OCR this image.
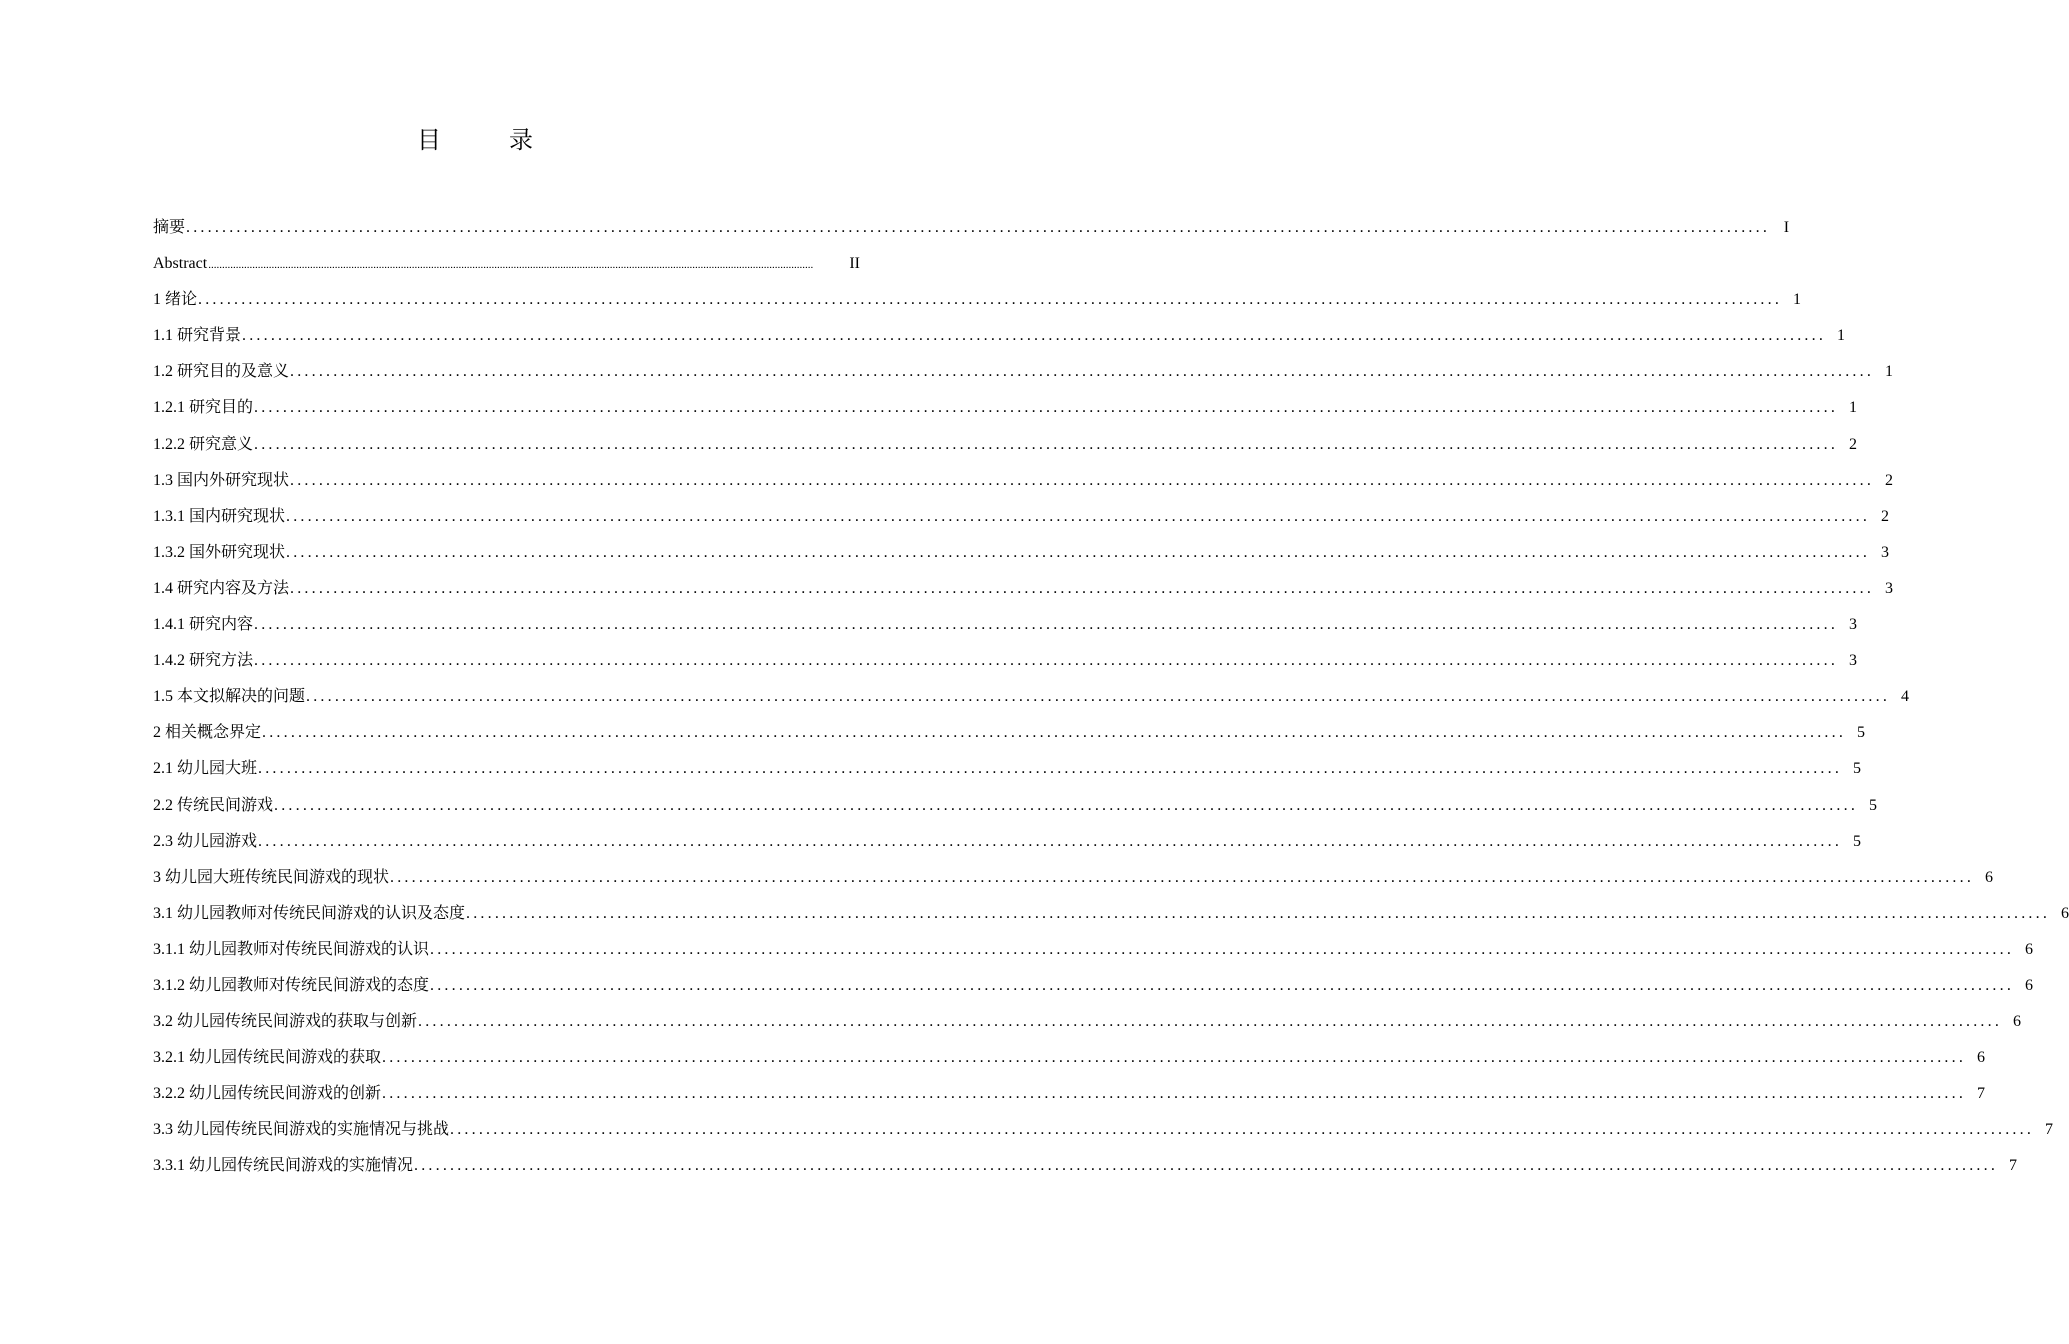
目　录
摘要 ............................................................................................................................................................................................................................ I
Abstract ............................................................................................................................................................................................................................	II
1 绪论 ............................................................................................................................................................................................................................ 1
1.1 研究背景 ............................................................................................................................................................................................................................ 1
1.2 研究目的及意义 ............................................................................................................................................................................................................................ 1
1.2.1 研究目的 ............................................................................................................................................................................................................................ 1
1.2.2 研究意义 ............................................................................................................................................................................................................................ 2
1.3 国内外研究现状 ............................................................................................................................................................................................................................ 2
1.3.1 国内研究现状 ............................................................................................................................................................................................................................ 2
1.3.2 国外研究现状 ............................................................................................................................................................................................................................ 3
1.4 研究内容及方法 ............................................................................................................................................................................................................................ 3
1.4.1 研究内容 ............................................................................................................................................................................................................................ 3
1.4.2 研究方法 ............................................................................................................................................................................................................................ 3
1.5 本文拟解决的问题 ............................................................................................................................................................................................................................ 4
2 相关概念界定 ............................................................................................................................................................................................................................ 5
2.1 幼儿园大班 ............................................................................................................................................................................................................................ 5
2.2 传统民间游戏 ............................................................................................................................................................................................................................ 5
2.3 幼儿园游戏 ............................................................................................................................................................................................................................ 5
3 幼儿园大班传统民间游戏的现状 ............................................................................................................................................................................................................................ 6
3.1 幼儿园教师对传统民间游戏的认识及态度 ............................................................................................................................................................................................................................ 6
3.1.1 幼儿园教师对传统民间游戏的认识 ............................................................................................................................................................................................................................ 6
3.1.2 幼儿园教师对传统民间游戏的态度 ............................................................................................................................................................................................................................ 6
3.2 幼儿园传统民间游戏的获取与创新 ............................................................................................................................................................................................................................ 6
3.2.1 幼儿园传统民间游戏的获取 ............................................................................................................................................................................................................................ 6
3.2.2 幼儿园传统民间游戏的创新 ............................................................................................................................................................................................................................ 7
3.3 幼儿园传统民间游戏的实施情况与挑战 ............................................................................................................................................................................................................................ 7
3.3.1 幼儿园传统民间游戏的实施情况 ............................................................................................................................................................................................................................ 7
